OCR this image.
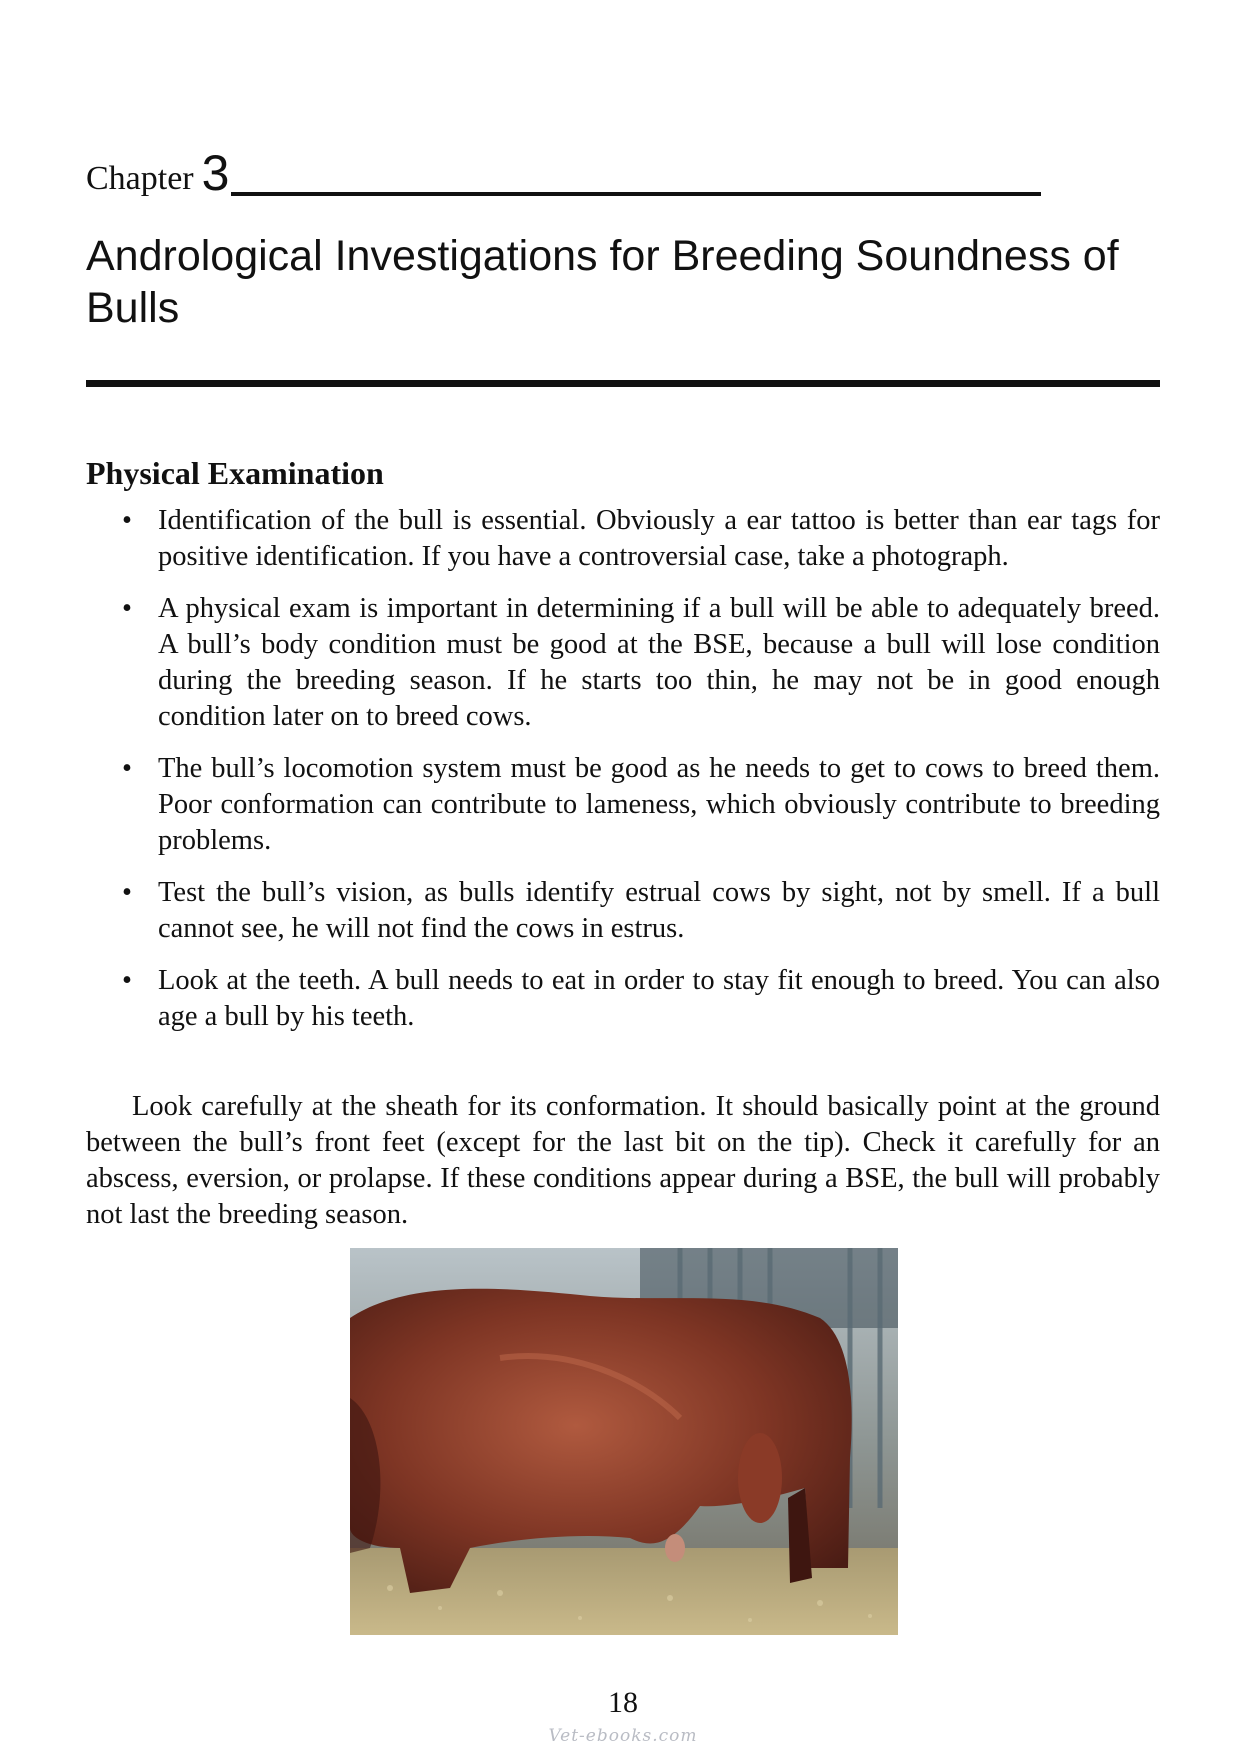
Chapter 3
Andrological Investigations for Breeding Soundness of Bulls
Physical Examination
• Identification of the bull is essential. Obviously a ear tattoo is better than ear tags for positive identification. If you have a controversial case, take a photograph.
• A physical exam is important in determining if a bull will be able to adequately breed. A bull’s body condition must be good at the BSE, because a bull will lose condition during the breeding season. If he starts too thin, he may not be in good enough condition later on to breed cows.
• The bull’s locomotion system must be good as he needs to get to cows to breed them. Poor conformation can contribute to lameness, which obviously contribute to breeding problems.
• Test the bull’s vision, as bulls identify estrual cows by sight, not by smell. If a bull cannot see, he will not find the cows in estrus.
• Look at the teeth. A bull needs to eat in order to stay fit enough to breed. You can also age a bull by his teeth.

Look carefully at the sheath for its conformation. It should basically point at the ground between the bull’s front feet (except for the last bit on the tip). Check it carefully for an abscess, eversion, or prolapse. If these conditions appear during a BSE, the bull will probably not last the breeding season.

18
Vet-ebooks.com
